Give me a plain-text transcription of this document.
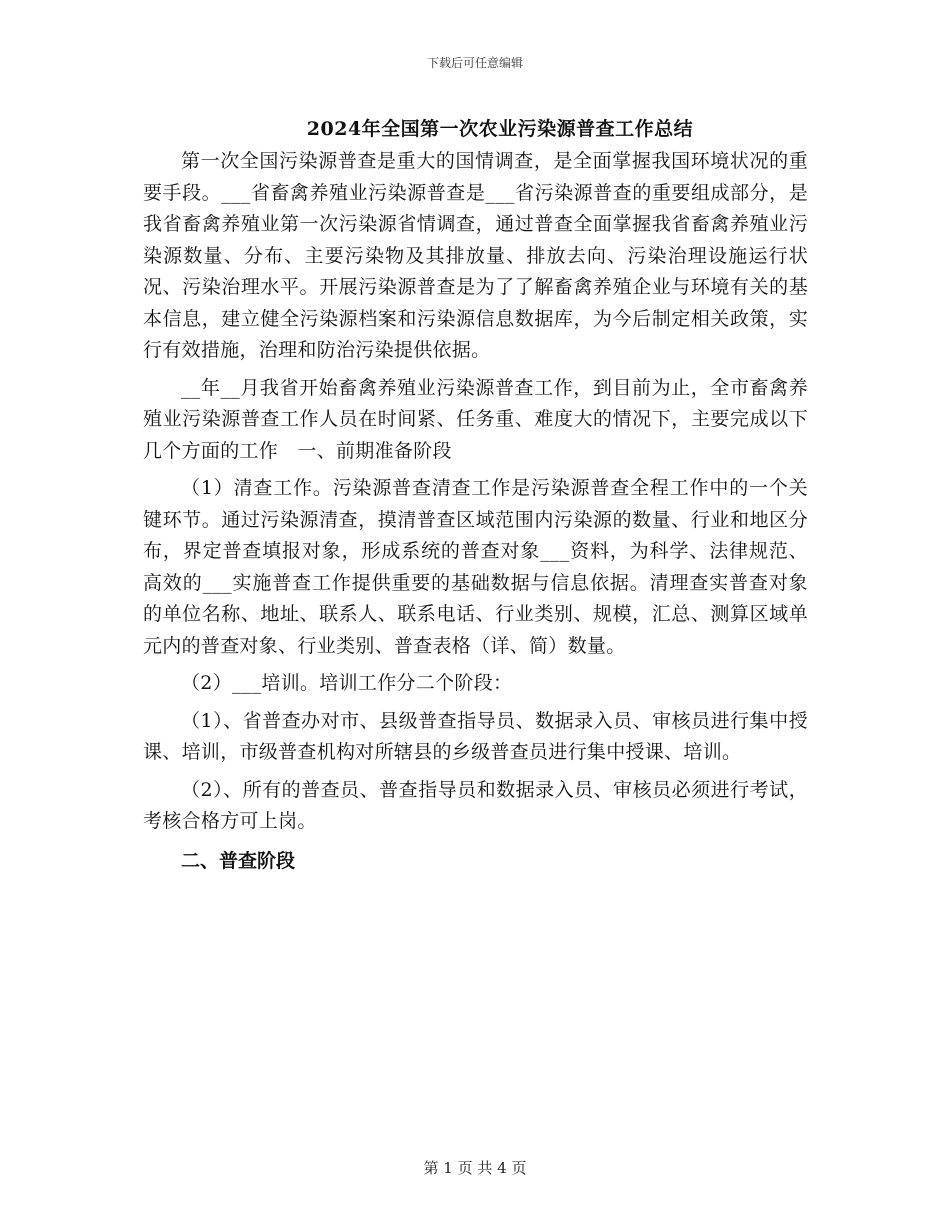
下载后可任意编辑
2024年全国第一次农业污染源普查工作总结

第一次全国污染源普查是重大的国情调查，是全面掌握我国环境状况的重要手段。___省畜禽养殖业污染源普查是___省污染源普查的重要组成部分，是我省畜禽养殖业第一次污染源省情调查，通过普查全面掌握我省畜禽养殖业污染源数量、分布、主要污染物及其排放量、排放去向、污染治理设施运行状况、污染治理水平。开展污染源普查是为了了解畜禽养殖企业与环境有关的基本信息，建立健全污染源档案和污染源信息数据库，为今后制定相关政策，实行有效措施，治理和防治污染提供依据。

__年__月我省开始畜禽养殖业污染源普查工作，到目前为止，全市畜禽养殖业污染源普查工作人员在时间紧、任务重、难度大的情况下，主要完成以下几个方面的工作　一、前期准备阶段

（1）清查工作。污染源普查清查工作是污染源普查全程工作中的一个关键环节。通过污染源清查，摸清普查区域范围内污染源的数量、行业和地区分布，界定普查填报对象，形成系统的普查对象___资料，为科学、法律规范、高效的___实施普查工作提供重要的基础数据与信息依据。清理查实普查对象的单位名称、地址、联系人、联系电话、行业类别、规模，汇总、测算区域单元内的普查对象、行业类别、普查表格（详、简）数量。

（2）___培训。培训工作分二个阶段：

（1）、省普查办对市、县级普查指导员、数据录入员、审核员进行集中授课、培训，市级普查机构对所辖县的乡级普查员进行集中授课、培训。

（2）、所有的普查员、普查指导员和数据录入员、审核员必须进行考试，考核合格方可上岗。

二、普查阶段

第 1 页 共 4 页
